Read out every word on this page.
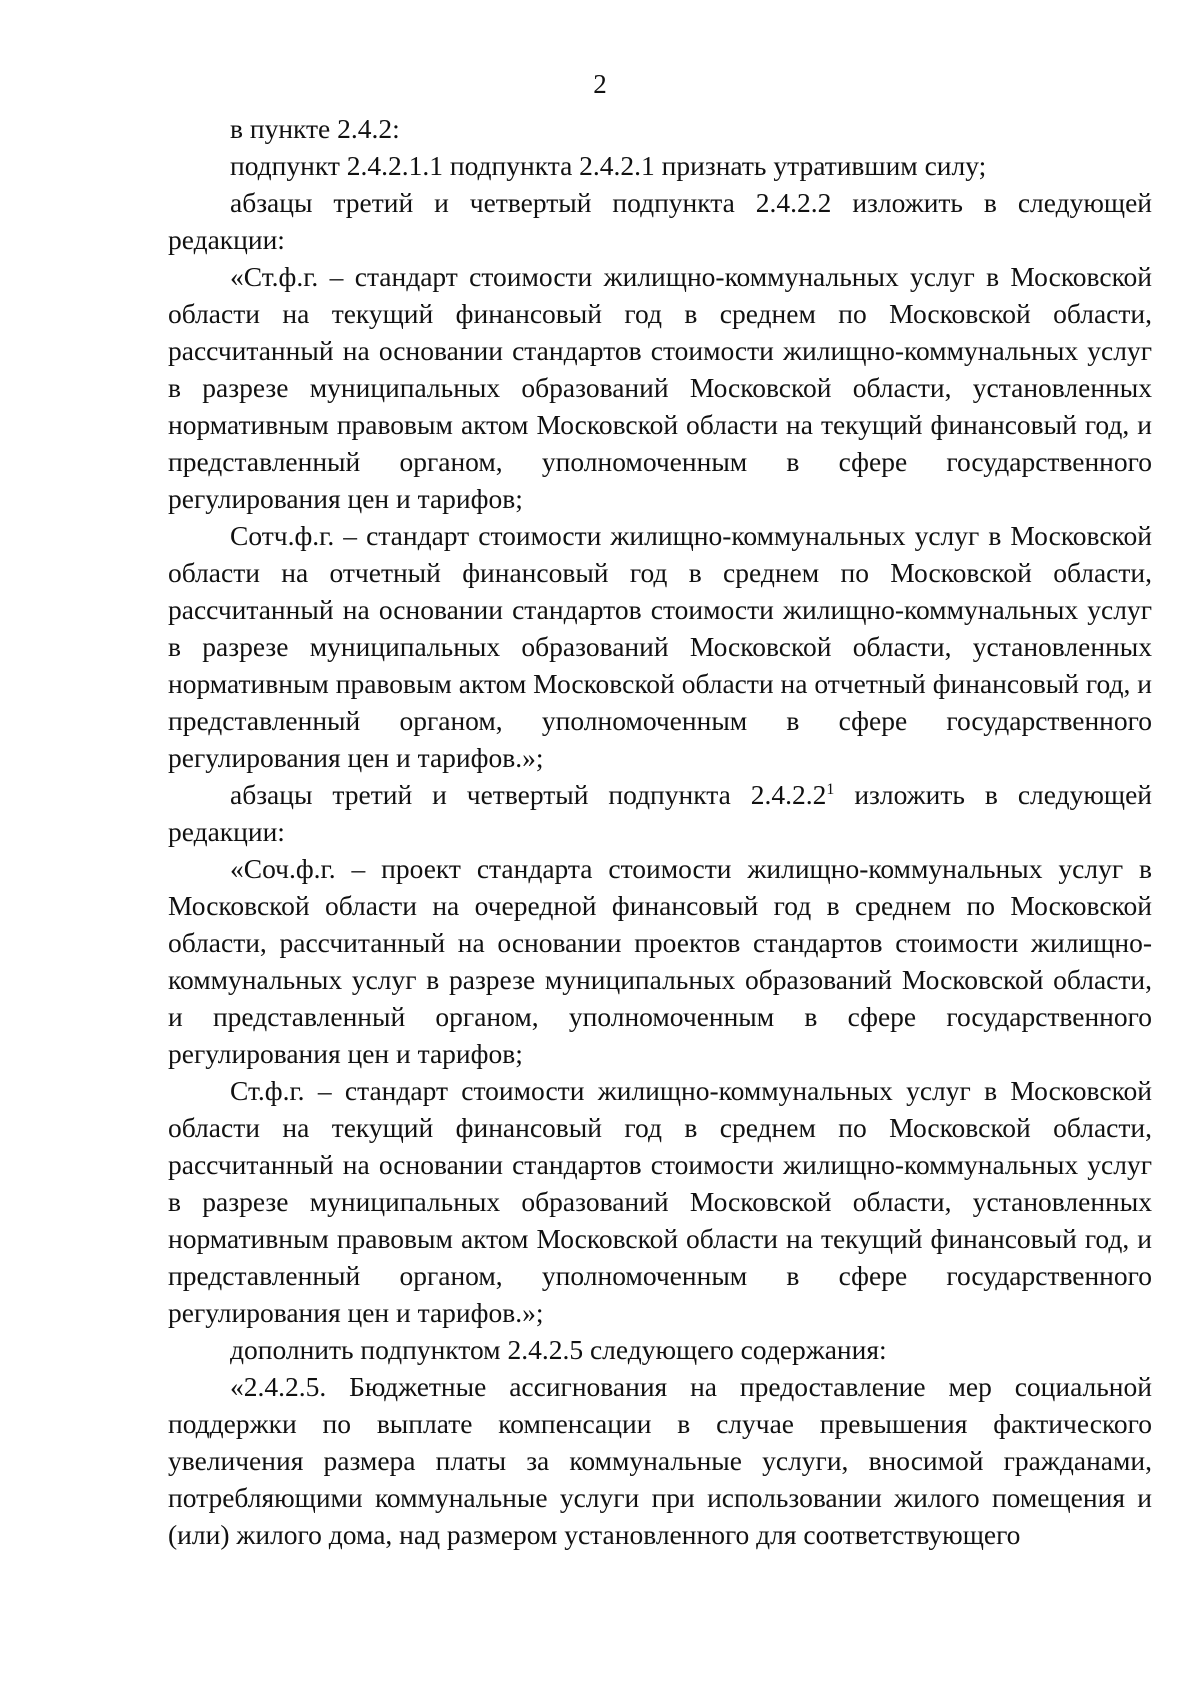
2

в пункте 2.4.2:

подпункт 2.4.2.1.1 подпункта 2.4.2.1 признать утратившим силу;

абзацы третий и четвертый подпункта 2.4.2.2 изложить в следующей редакции:

«Ст.ф.г. – стандарт стоимости жилищно-коммунальных услуг в Московской области на текущий финансовый год в среднем по Московской области, рассчитанный на основании стандартов стоимости жилищно-коммунальных услуг в разрезе муниципальных образований Московской области, установленных нормативным правовым актом Московской области на текущий финансовый год, и представленный органом, уполномоченным в сфере государственного регулирования цен и тарифов;

Сотч.ф.г. – стандарт стоимости жилищно-коммунальных услуг в Московской области на отчетный финансовый год в среднем по Московской области, рассчитанный на основании стандартов стоимости жилищно-коммунальных услуг в разрезе муниципальных образований Московской области, установленных нормативным правовым актом Московской области на отчетный финансовый год, и представленный органом, уполномоченным в сфере государственного регулирования цен и тарифов.»;

абзацы третий и четвертый подпункта 2.4.2.2$^1$ изложить в следующей редакции:

«Соч.ф.г. – проект стандарта стоимости жилищно-коммунальных услуг в Московской области на очередной финансовый год в среднем по Московской области, рассчитанный на основании проектов стандартов стоимости жилищно-коммунальных услуг в разрезе муниципальных образований Московской области, и представленный органом, уполномоченным в сфере государственного регулирования цен и тарифов;

Ст.ф.г. – стандарт стоимости жилищно-коммунальных услуг в Московской области на текущий финансовый год в среднем по Московской области, рассчитанный на основании стандартов стоимости жилищно-коммунальных услуг в разрезе муниципальных образований Московской области, установленных нормативным правовым актом Московской области на текущий финансовый год, и представленный органом, уполномоченным в сфере государственного регулирования цен и тарифов.»;

дополнить подпунктом 2.4.2.5 следующего содержания:

«2.4.2.5. Бюджетные ассигнования на предоставление мер социальной поддержки по выплате компенсации в случае превышения фактического увеличения размера платы за коммунальные услуги, вносимой гражданами, потребляющими коммунальные услуги при использовании жилого помещения и (или) жилого дома, над размером установленного для соответствующего
